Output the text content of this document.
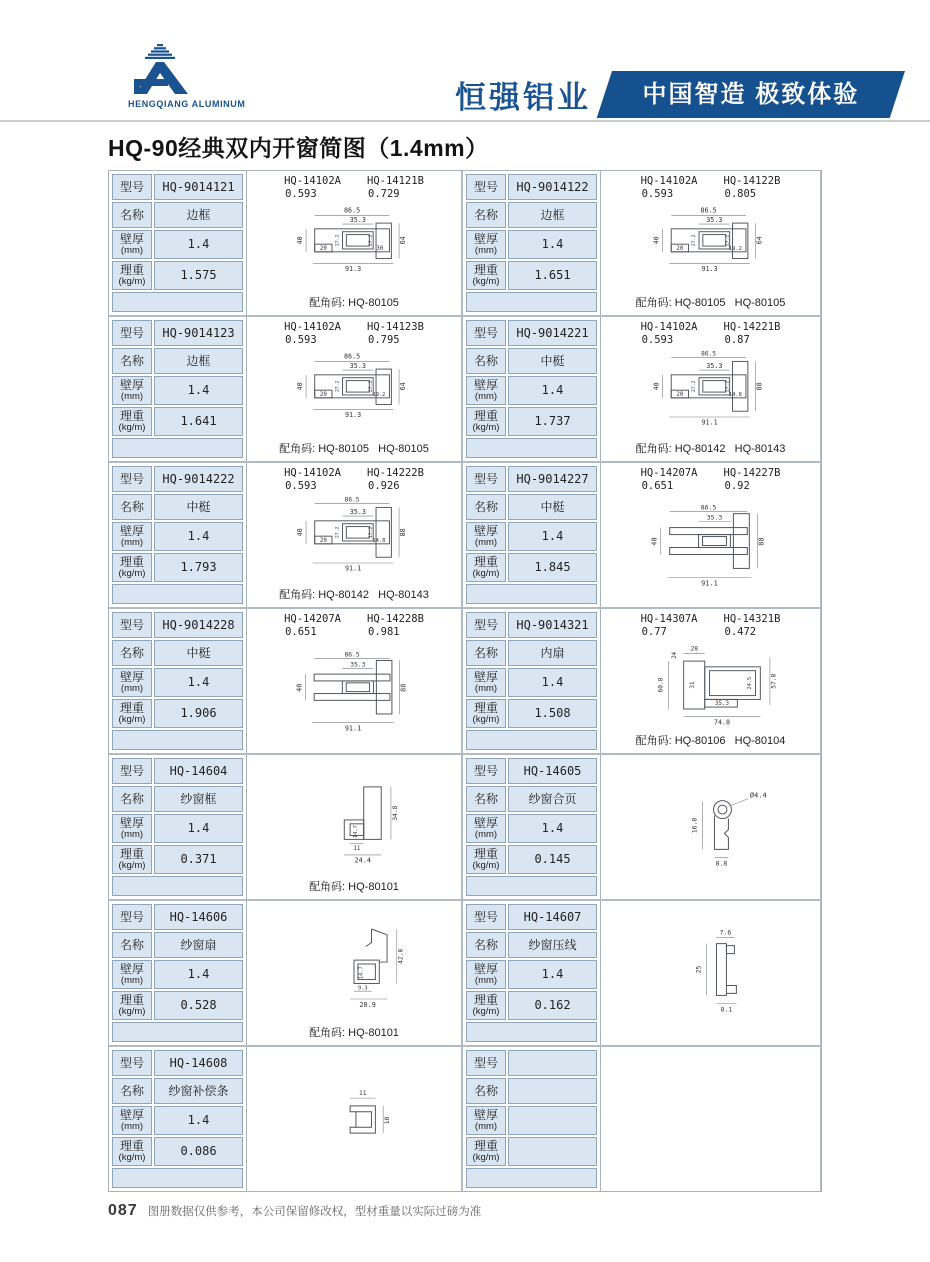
HENGQIANG ALUMINUM	恒强铝业	中国智造 极致体验
HQ-90经典双内开窗简图（1.4mm）
型号	HQ-9014121
名称	边框
壁厚
(mm)	1.4
理重
(kg/m)	1.575
HQ-14102A
0.593
HQ-14121B
0.729
86.5
35.3
40	27.2	27.2	64
20	30
91.3
配角码: HQ-80105
型号	HQ-9014122
名称	边框
壁厚
(mm)	1.4
理重
(kg/m)	1.651
HQ-14102A
0.593
HQ-14122B
0.805
86.5
35.3
40	27.2	27.2	64
20	19.2
91.3
配角码: HQ-80105   HQ-80105
型号	HQ-9014123
名称	边框
壁厚
(mm)	1.4
理重
(kg/m)	1.641
HQ-14102A
0.593
HQ-14123B
0.795
86.5
35.3
40	27.2	27.2	64
20	19.2
91.3
配角码: HQ-80105   HQ-80105
型号	HQ-9014221
名称	中梃
壁厚
(mm)	1.4
理重
(kg/m)	1.737
HQ-14102A
0.593
HQ-14221B
0.87
86.5
35.3
40	27.2	27.2	88
20	14.8
91.1
配角码: HQ-80142   HQ-80143
型号	HQ-9014222
名称	中梃
壁厚
(mm)	1.4
理重
(kg/m)	1.793
HQ-14102A
0.593
HQ-14222B
0.926
86.5
35.3
40	27.2	17.2	88
20	14.8
91.1
配角码: HQ-80142   HQ-80143
型号	HQ-9014227
名称	中梃
壁厚
(mm)	1.4
理重
(kg/m)	1.845
HQ-14207A
0.651
HQ-14227B
0.92
86.5
35.3
40	88
91.1
型号	HQ-9014228
名称	中梃
壁厚
(mm)	1.4
理重
(kg/m)	1.906
HQ-14207A
0.651
HQ-14228B
0.981
86.5
35.3
40	88
91.1
型号	HQ-9014321
名称	内扇
壁厚
(mm)	1.4
理重
(kg/m)	1.508
HQ-14307A
0.77
HQ-14321B
0.472
24
28
60.8	31	24.5	57.8
35.3
74.8
配角码: HQ-80106   HQ-80104
型号	HQ-14604
名称	纱窗框
壁厚
(mm)	1.4
理重
(kg/m)	0.371
14.7
34.8
11
24.4
配角码: HQ-80101
型号	HQ-14605
名称	纱窗合页
壁厚
(mm)	1.4
理重
(kg/m)	0.145
Ø4.4
16.8
8.8
型号	HQ-14606
名称	纱窗扇
壁厚
(mm)	1.4
理重
(kg/m)	0.528
14.7
42.8
9.3
20.9
配角码: HQ-80101
型号	HQ-14607
名称	纱窗压线
壁厚
(mm)	1.4
理重
(kg/m)	0.162
7.6
25
8.1
型号	HQ-14608
名称	纱窗补偿条
壁厚
(mm)	1.4
理重
(kg/m)	0.086
11
10
型号
名称
壁厚
(mm)
理重
(kg/m)
087 图册数据仅供参考，本公司保留修改权，型材重量以实际过磅为准
